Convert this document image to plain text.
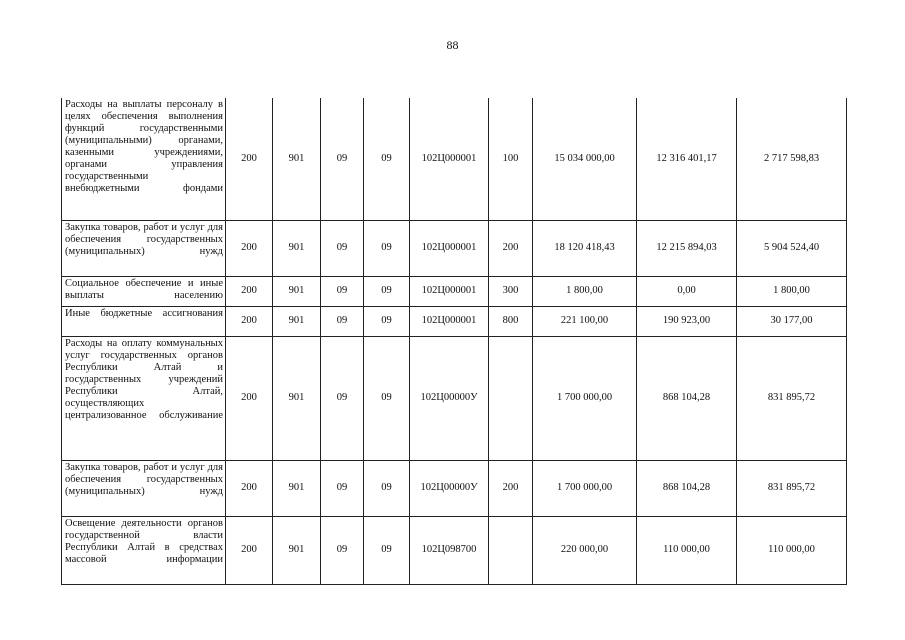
88
Расходы на выплаты персоналу в целях обеспечения выполнения функций государственными (муниципальными) органами, казенными учреждениями, органами управления государственными внебюджетными фондами	200	901	09	09	102Ц000001	100	15 034 000,00	12 316 401,17	2 717 598,83

Закупка товаров, работ и услуг для обеспечения государственных (муниципальных) нужд	200	901	09	09	102Ц000001	200	18 120 418,43	12 215 894,03	5 904 524,40

Социальное обеспечение и иные выплаты населению	200	901	09	09	102Ц000001	300	1 800,00	0,00	1 800,00

Иные бюджетные ассигнования	200	901	09	09	102Ц000001	800	221 100,00	190 923,00	30 177,00

Расходы на оплату коммунальных услуг государственных органов Республики Алтай и государственных учреждений Республики Алтай, осуществляющих централизованное обслуживание	200	901	09	09	102Ц00000У		1 700 000,00	868 104,28	831 895,72

Закупка товаров, работ и услуг для обеспечения государственных (муниципальных) нужд	200	901	09	09	102Ц00000У	200	1 700 000,00	868 104,28	831 895,72

Освещение деятельности органов государственной власти Республики Алтай в средствах массовой информации	200	901	09	09	102Ц098700		220 000,00	110 000,00	110 000,00
